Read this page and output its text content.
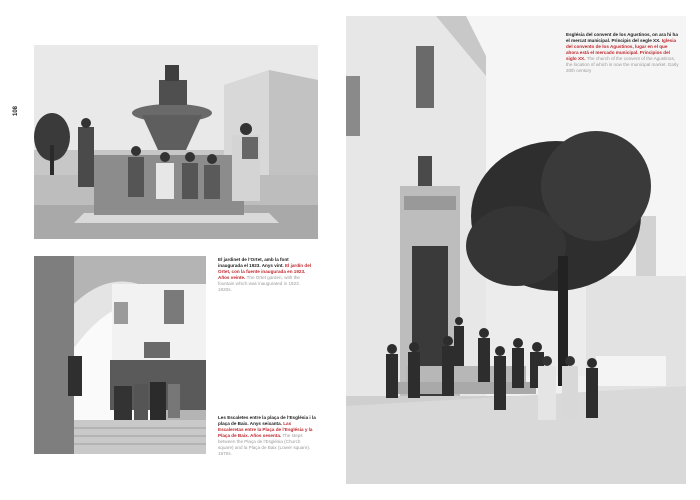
108
El jardinet de l’Ortet, amb la font inaugurada el 1923. Anys vint. El jardín del Ortet, con la fuente inaugurada en 1923. Años veinte. The Ortet garden, with the fountain which was inaugurated in 1923. 1920s.
Les Escaletes entre la plaça de l’Església i la plaça de Baix. Anys seixanta. Las Escaleretas entre la Plaça de l’Església y la Plaça de Baix. Años sesenta. The steps between the Plaça de l’Església (Church square) and la Plaça de Baix (Lower square). 1970s.
Església del convent de los Agustinos, on ara hi ha el mercat municipal. Principis del segle XX. Iglesia del convento de los Agustinos, lugar en el que ahora está el mercado municipal. Principios del siglo XX. The church of the convent of the Agustinos, the location of which is now the municipal market. Early 20th century
